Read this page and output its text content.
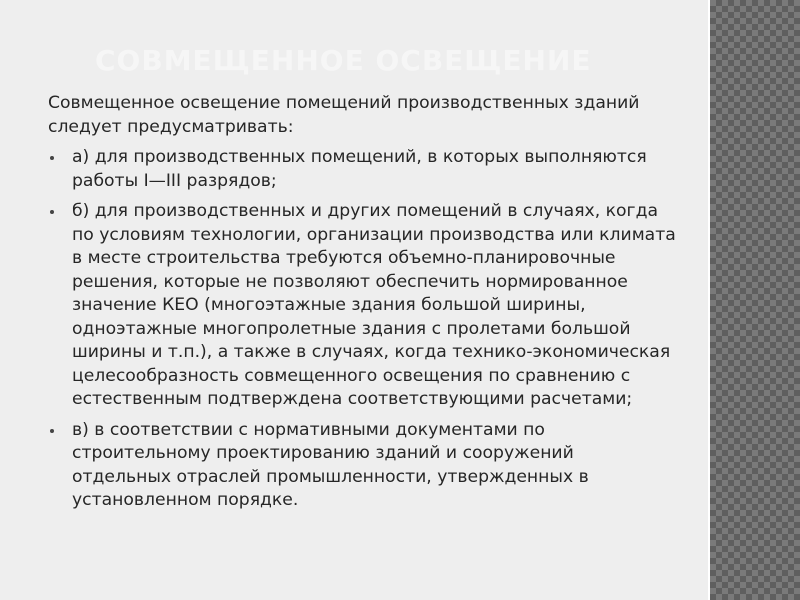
СОВМЕЩЕННОЕ ОСВЕЩЕНИЕ
Совмещенное освещение помещений производственных зданий следует предусматривать:
а) для производственных помещений, в которых выполняются работы I—III разрядов;
б) для производственных и других помещений в случаях, когда по условиям технологии, организации производства или климата в месте строительства требуются объемно-планировочные решения, которые не позволяют обеспечить нормированное значение КЕО (многоэтажные здания большой ширины, одноэтажные многопролетные здания с пролетами большой ширины и т.п.), а также в случаях, когда технико-экономическая целесообразность совмещенного освещения по сравнению с естественным подтверждена соответствующими расчетами;
в) в соответствии с нормативными документами по строительному проектированию зданий и сооружений отдельных отраслей промышленности, утвержденных в установленном порядке.
